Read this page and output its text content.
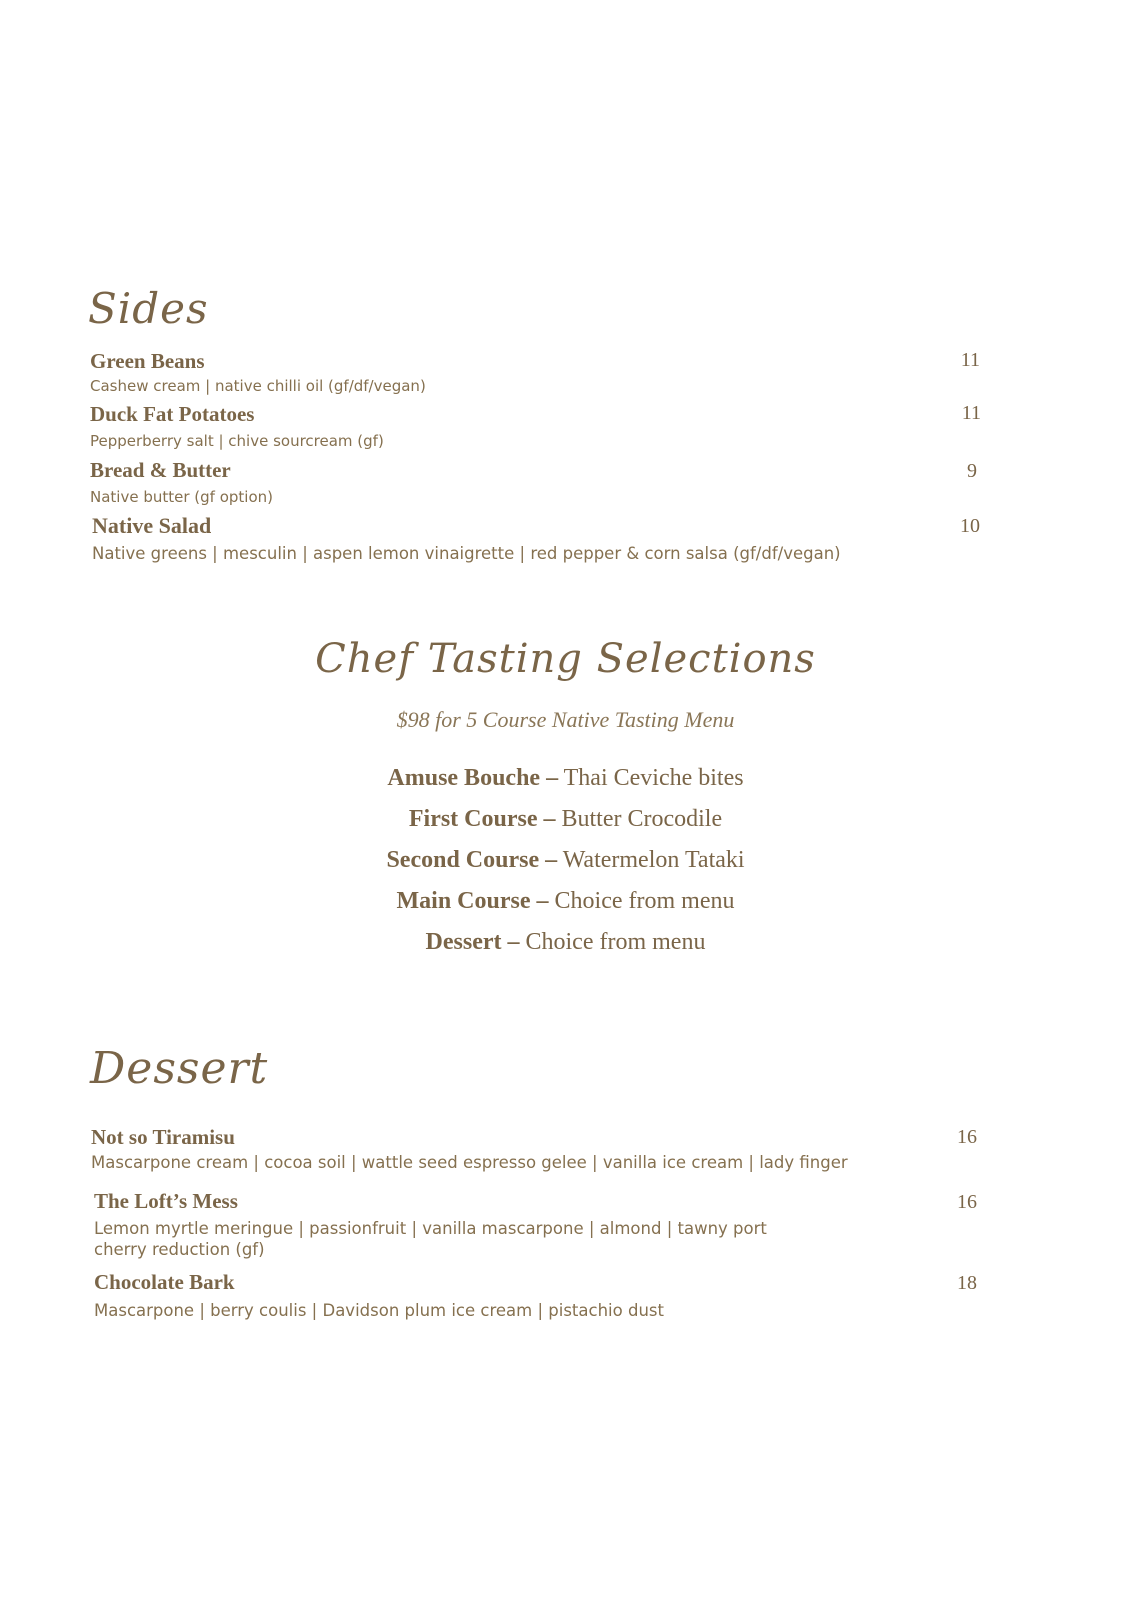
Sides

Green Beans	11

Cashew cream | native chilli oil (gf/df/vegan)

Duck Fat Potatoes	11

Pepperberry salt | chive sourcream (gf)

Bread & Butter	9

Native butter (gf option)

Native Salad	10

Native greens | mesculin | aspen lemon vinaigrette | red pepper & corn salsa (gf/df/vegan)

Chef Tasting Selections

$98 for 5 Course Native Tasting Menu

Amuse Bouche – Thai Ceviche bites

First Course – Butter Crocodile

Second Course – Watermelon Tataki

Main Course – Choice from menu

Dessert – Choice from menu

Dessert

Not so Tiramisu	16

Mascarpone cream | cocoa soil | wattle seed espresso gelee | vanilla ice cream | lady finger

The Loft’s Mess	16

Lemon myrtle meringue | passionfruit | vanilla mascarpone | almond | tawny port cherry reduction (gf)

Chocolate Bark	18

Mascarpone | berry coulis | Davidson plum ice cream | pistachio dust
